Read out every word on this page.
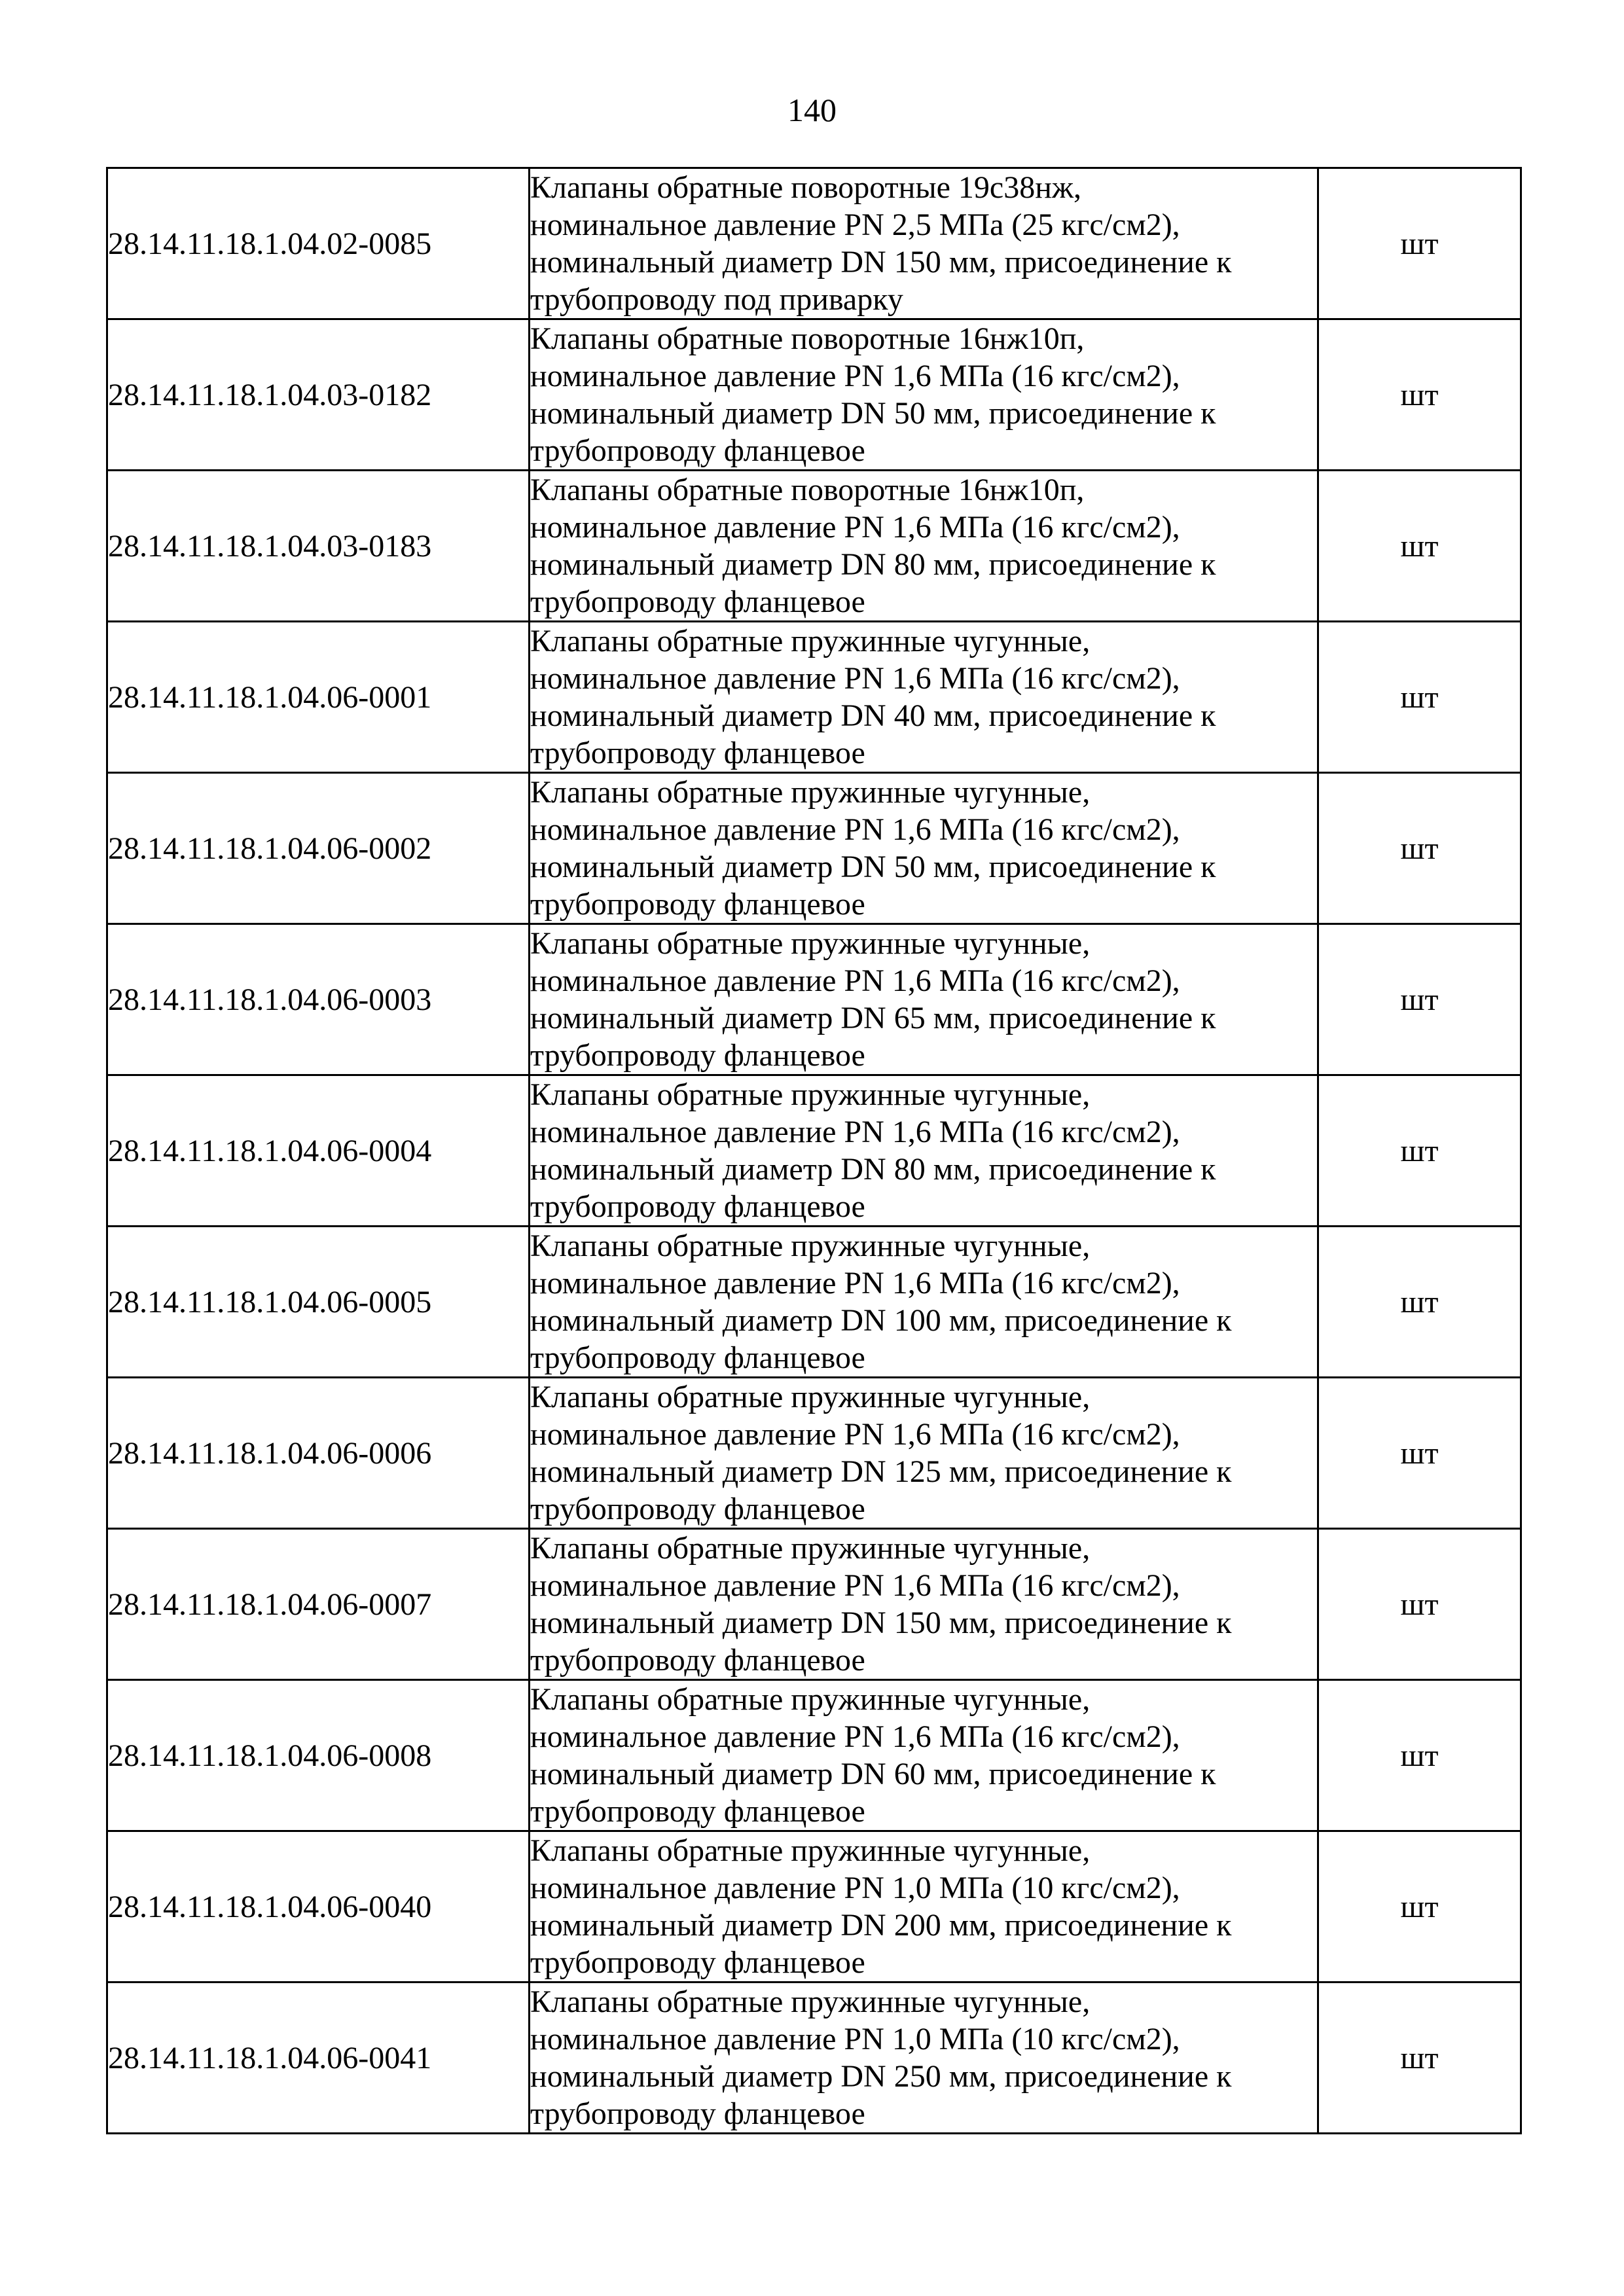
140
28.14.11.18.1.04.02-0085	Клапаны обратные поворотные 19с38нж,
номинальное давление PN 2,5 МПа (25 кгс/см2),
номинальный диаметр DN 150 мм, присоединение к
трубопроводу под приварку	шт
28.14.11.18.1.04.03-0182	Клапаны обратные поворотные 16нж10п,
номинальное давление PN 1,6 МПа (16 кгс/см2),
номинальный диаметр DN 50 мм, присоединение к
трубопроводу фланцевое	шт
28.14.11.18.1.04.03-0183	Клапаны обратные поворотные 16нж10п,
номинальное давление PN 1,6 МПа (16 кгс/см2),
номинальный диаметр DN 80 мм, присоединение к
трубопроводу фланцевое	шт
28.14.11.18.1.04.06-0001	Клапаны обратные пружинные чугунные,
номинальное давление PN 1,6 МПа (16 кгс/см2),
номинальный диаметр DN 40 мм, присоединение к
трубопроводу фланцевое	шт
28.14.11.18.1.04.06-0002	Клапаны обратные пружинные чугунные,
номинальное давление PN 1,6 МПа (16 кгс/см2),
номинальный диаметр DN 50 мм, присоединение к
трубопроводу фланцевое	шт
28.14.11.18.1.04.06-0003	Клапаны обратные пружинные чугунные,
номинальное давление PN 1,6 МПа (16 кгс/см2),
номинальный диаметр DN 65 мм, присоединение к
трубопроводу фланцевое	шт
28.14.11.18.1.04.06-0004	Клапаны обратные пружинные чугунные,
номинальное давление PN 1,6 МПа (16 кгс/см2),
номинальный диаметр DN 80 мм, присоединение к
трубопроводу фланцевое	шт
28.14.11.18.1.04.06-0005	Клапаны обратные пружинные чугунные,
номинальное давление PN 1,6 МПа (16 кгс/см2),
номинальный диаметр DN 100 мм, присоединение к
трубопроводу фланцевое	шт
28.14.11.18.1.04.06-0006	Клапаны обратные пружинные чугунные,
номинальное давление PN 1,6 МПа (16 кгс/см2),
номинальный диаметр DN 125 мм, присоединение к
трубопроводу фланцевое	шт
28.14.11.18.1.04.06-0007	Клапаны обратные пружинные чугунные,
номинальное давление PN 1,6 МПа (16 кгс/см2),
номинальный диаметр DN 150 мм, присоединение к
трубопроводу фланцевое	шт
28.14.11.18.1.04.06-0008	Клапаны обратные пружинные чугунные,
номинальное давление PN 1,6 МПа (16 кгс/см2),
номинальный диаметр DN 60 мм, присоединение к
трубопроводу фланцевое	шт
28.14.11.18.1.04.06-0040	Клапаны обратные пружинные чугунные,
номинальное давление PN 1,0 МПа (10 кгс/см2),
номинальный диаметр DN 200 мм, присоединение к
трубопроводу фланцевое	шт
28.14.11.18.1.04.06-0041	Клапаны обратные пружинные чугунные,
номинальное давление PN 1,0 МПа (10 кгс/см2),
номинальный диаметр DN 250 мм, присоединение к
трубопроводу фланцевое	шт
